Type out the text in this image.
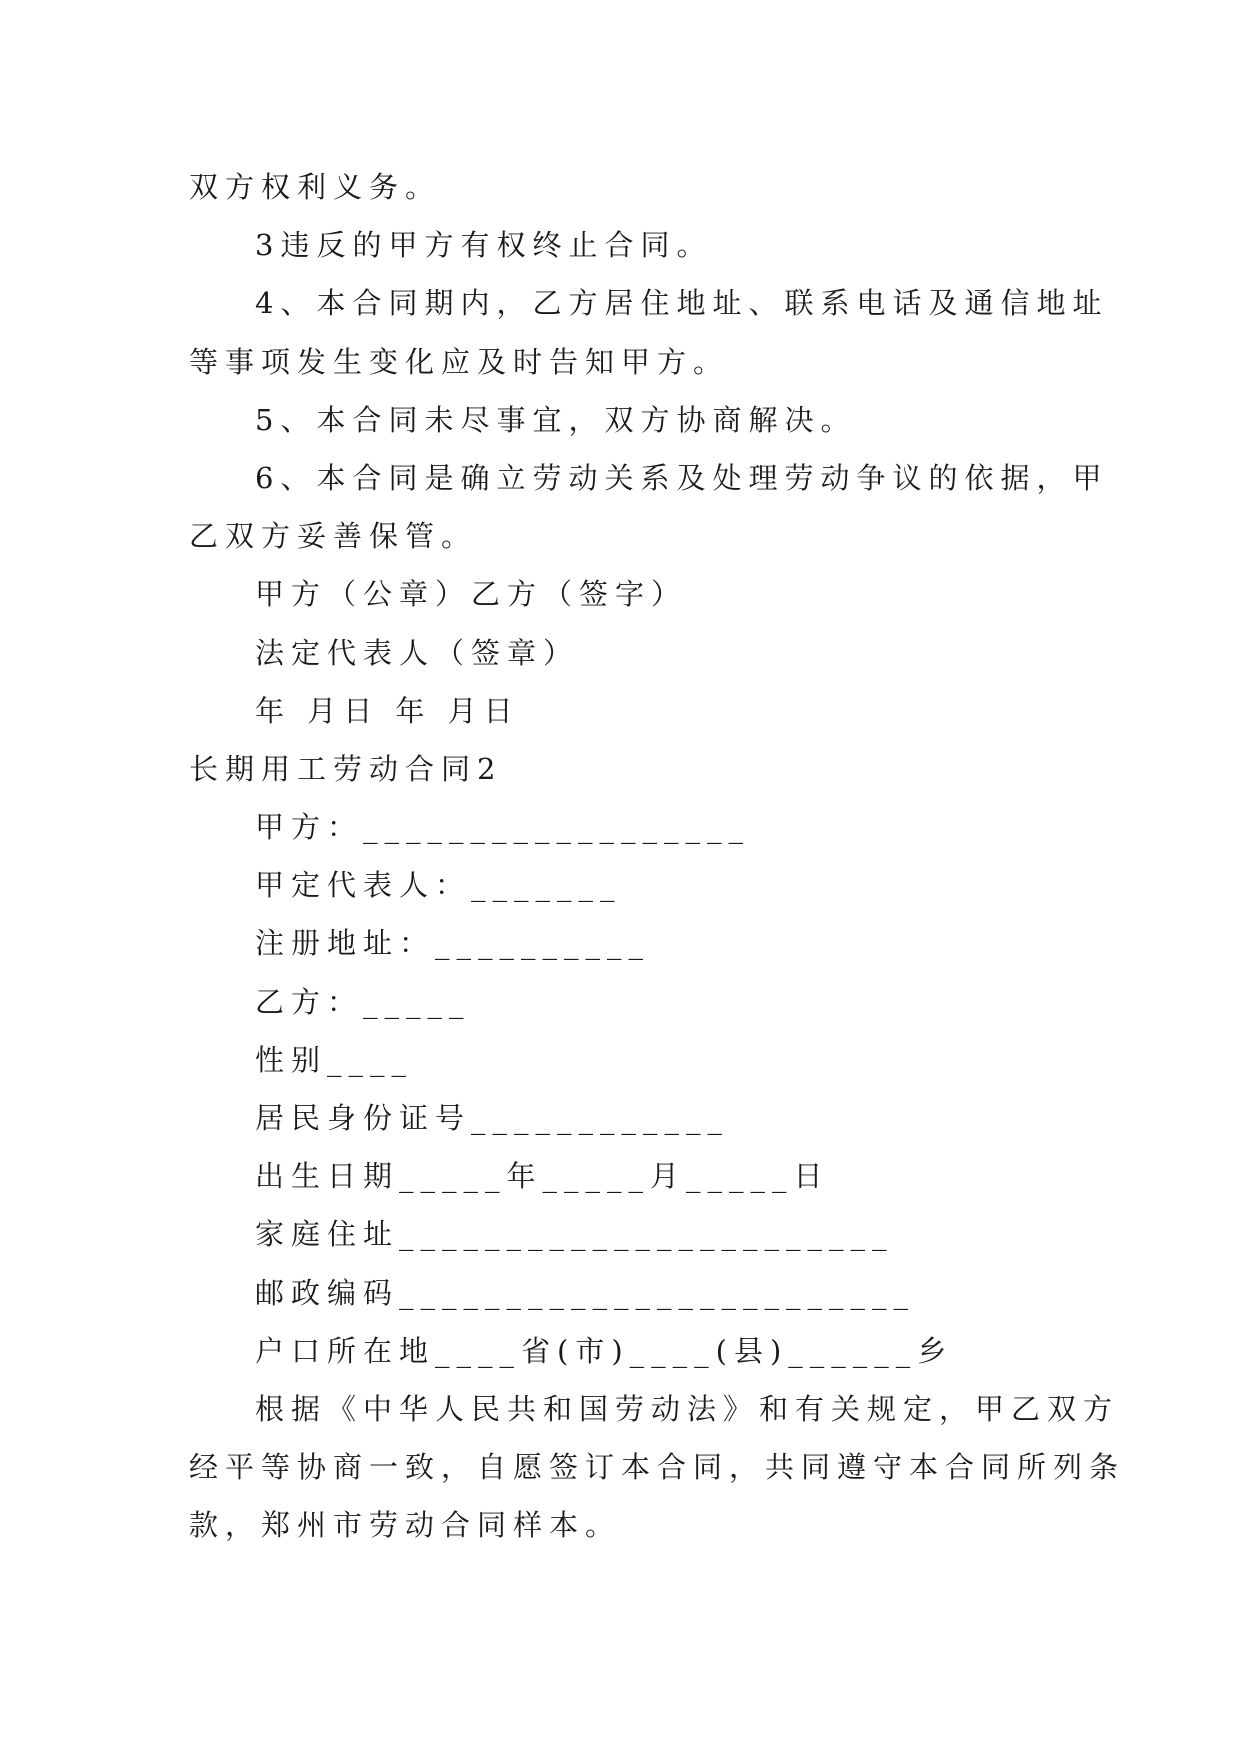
双方权利义务。
3违反的甲方有权终止合同。
4、本合同期内，乙方居住地址、联系电话及通信地址
等事项发生变化应及时告知甲方。
5、本合同未尽事宜，双方协商解决。
6、本合同是确立劳动关系及处理劳动争议的依据，甲
乙双方妥善保管。
甲方（公章）乙方（签字）
法定代表人（签章）
年 月日 年 月日
长期用工劳动合同2
甲方：__________________
甲定代表人：_______
注册地址：__________
乙方：_____
性别____
居民身份证号____________
出生日期_____年_____月_____日
家庭住址_______________________
邮政编码________________________
户口所在地____省(市)____(县)______乡
根据《中华人民共和国劳动法》和有关规定，甲乙双方
经平等协商一致，自愿签订本合同，共同遵守本合同所列条
款，郑州市劳动合同样本。
